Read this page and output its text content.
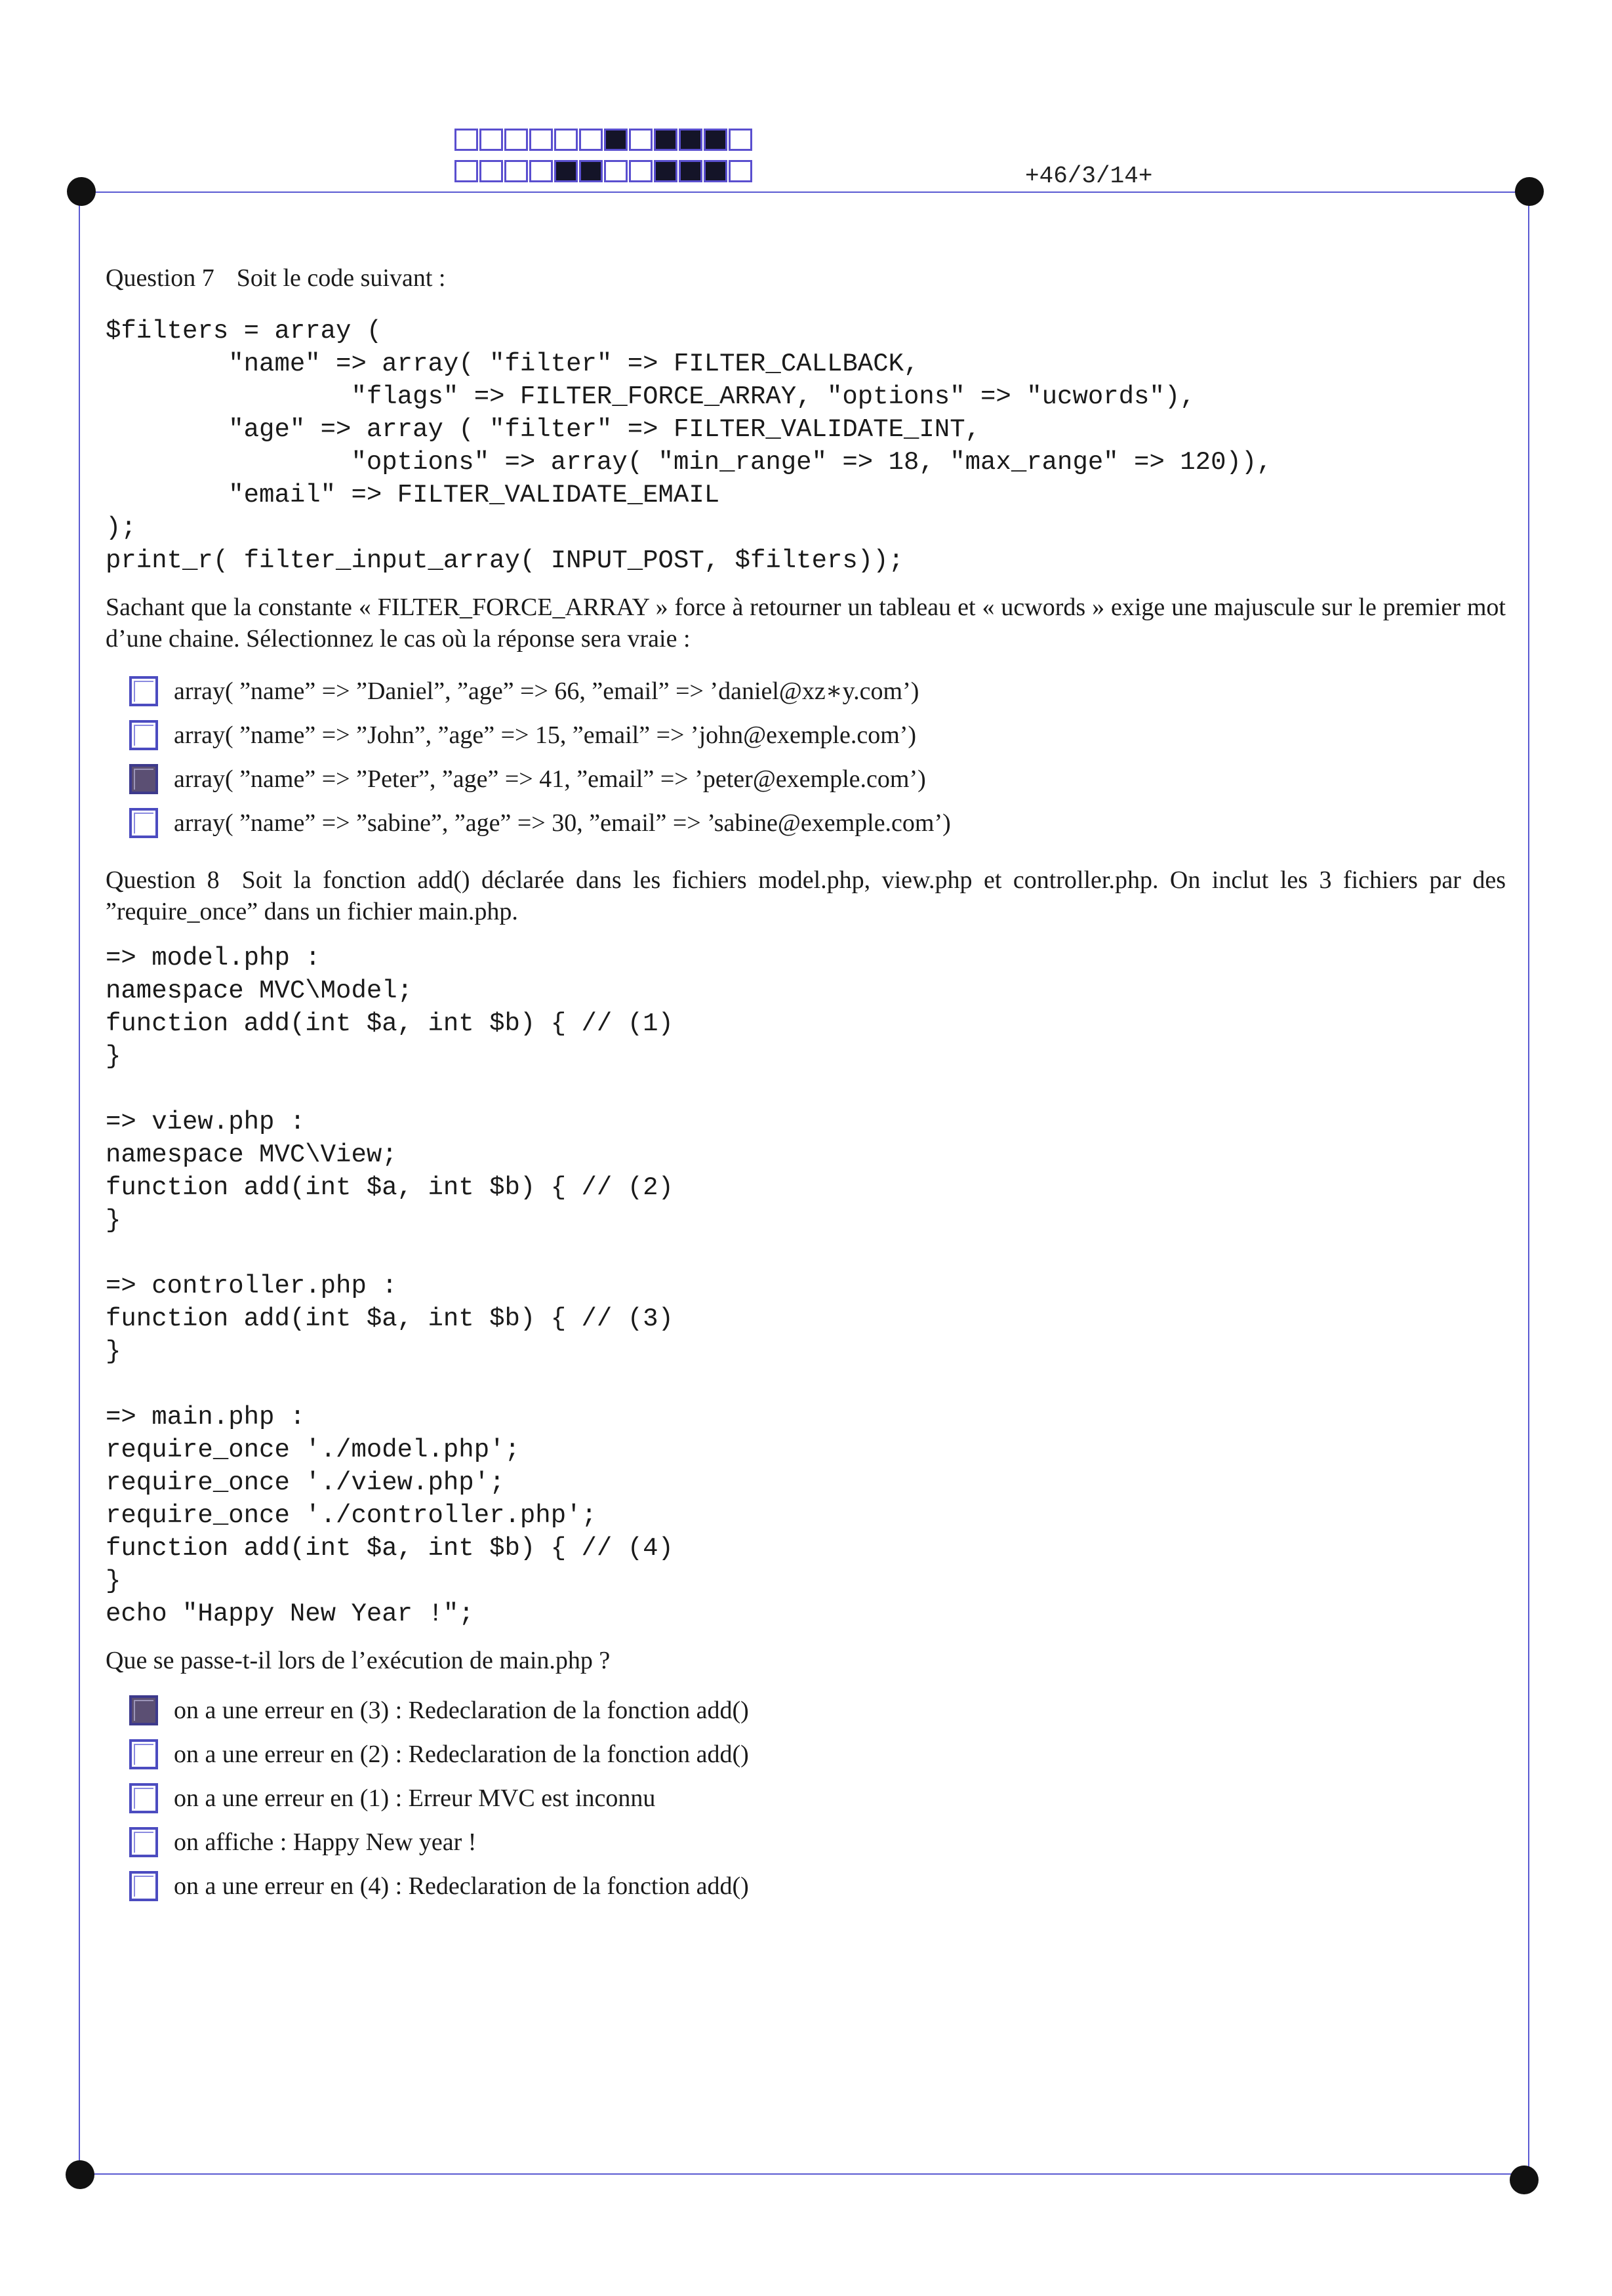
+46/3/14+
Question 7 Soit le code suivant :
$filters = array (
"name" => array( "filter" => FILTER_CALLBACK,
"flags" => FILTER_FORCE_ARRAY, "options" => "ucwords"),
"age" => array ( "filter" => FILTER_VALIDATE_INT,
"options" => array( "min_range" => 18, "max_range" => 120)),
"email" => FILTER_VALIDATE_EMAIL
);
print_r( filter_input_array( INPUT_POST, $filters));

Sachant que la constante « FILTER_FORCE_ARRAY » force à retourner un tableau et « ucwords » exige une majuscule sur le premier mot d’une chaine. Sélectionnez le cas où la réponse sera vraie :

array( ”name” => ”Daniel”, ”age” => 66, ”email” => ’daniel@xz∗y.com’)
array( ”name” => ”John”, ”age” => 15, ”email” => ’john@exemple.com’)
array( ”name” => ”Peter”, ”age” => 41, ”email” => ’peter@exemple.com’)
array( ”name” => ”sabine”, ”age” => 30, ”email” => ’sabine@exemple.com’)

Question 8 Soit la fonction add() déclarée dans les fichiers model.php, view.php et controller.php. On inclut les 3 fichiers par des ”require_once” dans un fichier main.php.

=> model.php :
namespace MVC\Model;
function add(int $a, int $b) { // (1)
}

=> view.php :
namespace MVC\View;
function add(int $a, int $b) { // (2)
}

=> controller.php :
function add(int $a, int $b) { // (3)
}

=> main.php :
require_once './model.php';
require_once './view.php';
require_once './controller.php';
function add(int $a, int $b) { // (4)
}
echo "Happy New Year !";

Que se passe-t-il lors de l’exécution de main.php ?

on a une erreur en (3) : Redeclaration de la fonction add()
on a une erreur en (2) : Redeclaration de la fonction add()
on a une erreur en (1) : Erreur MVC est inconnu
on affiche : Happy New year !
on a une erreur en (4) : Redeclaration de la fonction add()
